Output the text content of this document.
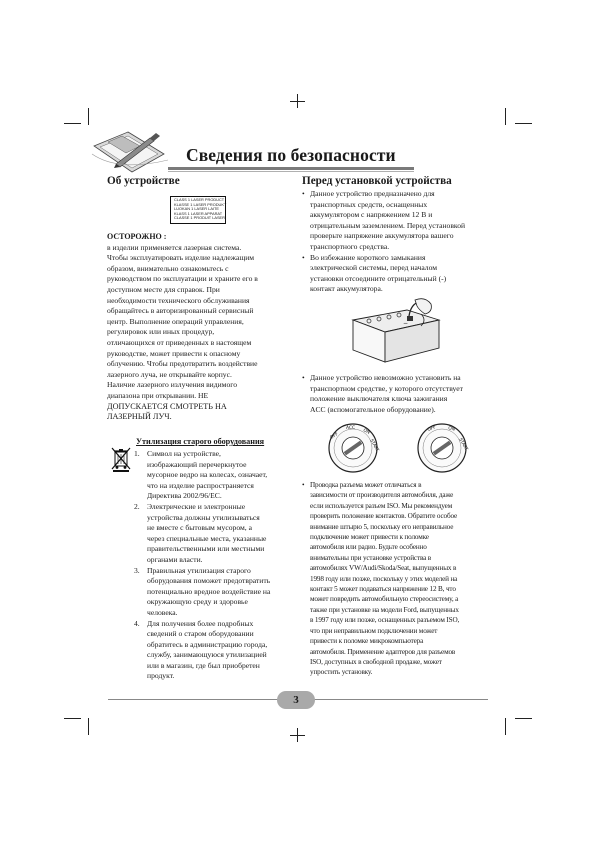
Сведения по безопасности
Об устройстве
CLASS 1 LASER PRODUCT
KLASSE 1 LASER PRODUKT
LUOKAN 1 LASER LAITE
KLASS 1 LASER APPARAT
CLASSE 1 PRODUIT LASER
ОСТОРОЖНО :
в изделии применяется лазерная система.
Чтобы эксплуатировать изделие надлежащим
образом, внимательно ознакомьтесь с
руководством по эксплуатации и храните его в
доступном месте для справок. При
необходимости технического обслуживания
обращайтесь в авторизированный сервисный
центр. Выполнение операций управления,
регулировок или иных процедур,
отличающихся от приведенных в настоящем
руководстве, может привести к опасному
облучению. Чтобы предотвратить воздействие
лазерного луча, не открывайте корпус.
Наличие лазерного излучения видимого
диапазона при открывании. НЕ
ДОПУСКАЕТСЯ СМОТРЕТЬ НА
ЛАЗЕРНЫЙ ЛУЧ.
Утилизация старого оборудования
1. Символ на устройстве,
изображающий перечеркнутое
мусорное ведро на колесах, означает,
что на изделие распространяется
Директива 2002/96/EC.
2. Электрические и электронные
устройства должны утилизываться
не вместе с бытовым мусором, а
через специальные места, указанные
правительственными или местными
органами власти.
3. Правильная утилизация старого
оборудования поможет предотвратить
потенциально вредное воздействие на
окружающую среду и здоровье
человека.
4. Для получения более подробных
сведений о старом оборудовании
обратитесь в администрацию города,
службу, занимающуюся утилизацией
или в магазин, где был приобретен
продукт.
Перед установкой устройства
• Данное устройство предназначено для
транспортных средств, оснащенных
аккумулятором с напряжением 12 В и
отрицательным заземлением. Перед установкой
проверьте напряжение аккумулятора вашего
транспортного средства.
• Во избежание короткого замыкания
электрической системы, перед началом
установки отсоедините отрицательный (-)
контакт аккумулятора.
−
• Данное устройство невозможно установить на
транспортном средстве, у которого отсутствует
положение выключателя ключа зажигания
ACC (вспомогательное оборудование).
OFF
ACC ON
START
OFF ON
START
• Проводка разъема может отличаться в
зависимости от производителя автомобиля, даже
если используется разъем ISO. Мы рекомендуем
проверить положение контактов. Обратите особое
внимание штырю 5, поскольку его неправильное
подключение может привести к поломке
автомобиля или радио. Будьте особенно
внимательны при установке устройства в
автомобилях VW/Audi/Skoda/Seat, выпущенных в
1998 году или позже, поскольку у этих моделей на
контакт 5 может подаваться напряжение 12 В, что
может повредить автомобильную стереосистему, а
также при установке на модели Ford, выпущенных
в 1997 году или позже, оснащенных разъемом ISO,
что при неправильном подключении может
привести к поломке микрокомпьютера
автомобиля. Применение адаптеров для разъемов
ISO, доступных в свободной продаже, может
упростить установку.
3
